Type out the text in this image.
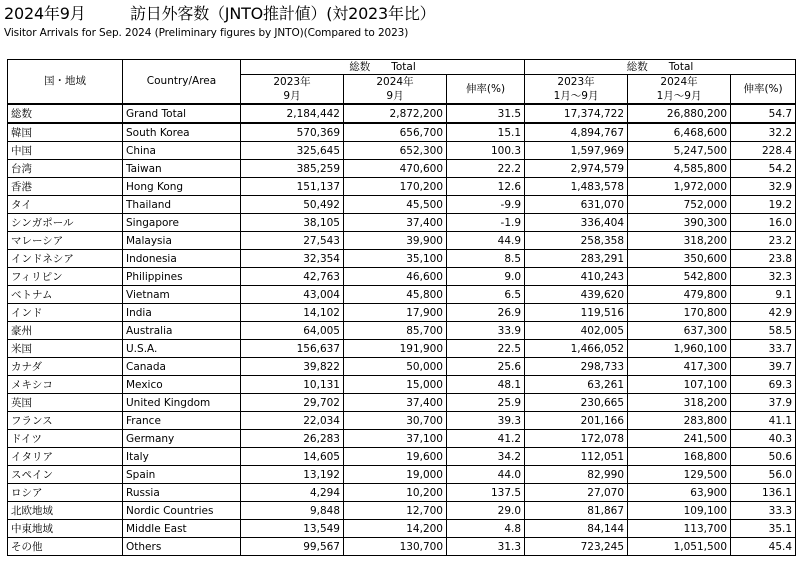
2024年9月	訪日外客数（JNTO推計値）(対2023年比）
Visitor Arrivals for Sep. 2024 (Preliminary figures by JNTO)(Compared to 2023)
国・地域	Country/Area	総数　　Total			総数　　Total		
		2023年	2024年	伸率(%)	2023年	2024年	伸率(%)
		9月	9月		1月～9月	1月～9月	
総数	Grand Total	2,184,442	2,872,200	31.5	17,374,722	26,880,200	54.7
韓国	South Korea	570,369	656,700	15.1	4,894,767	6,468,600	32.2
中国	China	325,645	652,300	100.3	1,597,969	5,247,500	228.4
台湾	Taiwan	385,259	470,600	22.2	2,974,579	4,585,800	54.2
香港	Hong Kong	151,137	170,200	12.6	1,483,578	1,972,000	32.9
タイ	Thailand	50,492	45,500	-9.9	631,070	752,000	19.2
シンガポール	Singapore	38,105	37,400	-1.9	336,404	390,300	16.0
マレーシア	Malaysia	27,543	39,900	44.9	258,358	318,200	23.2
インドネシア	Indonesia	32,354	35,100	8.5	283,291	350,600	23.8
フィリピン	Philippines	42,763	46,600	9.0	410,243	542,800	32.3
ベトナム	Vietnam	43,004	45,800	6.5	439,620	479,800	9.1
インド	India	14,102	17,900	26.9	119,516	170,800	42.9
豪州	Australia	64,005	85,700	33.9	402,005	637,300	58.5
米国	U.S.A.	156,637	191,900	22.5	1,466,052	1,960,100	33.7
カナダ	Canada	39,822	50,000	25.6	298,733	417,300	39.7
メキシコ	Mexico	10,131	15,000	48.1	63,261	107,100	69.3
英国	United Kingdom	29,702	37,400	25.9	230,665	318,200	37.9
フランス	France	22,034	30,700	39.3	201,166	283,800	41.1
ドイツ	Germany	26,283	37,100	41.2	172,078	241,500	40.3
イタリア	Italy	14,605	19,600	34.2	112,051	168,800	50.6
スペイン	Spain	13,192	19,000	44.0	82,990	129,500	56.0
ロシア	Russia	4,294	10,200	137.5	27,070	63,900	136.1
北欧地域	Nordic Countries	9,848	12,700	29.0	81,867	109,100	33.3
中東地域	Middle East	13,549	14,200	4.8	84,144	113,700	35.1
その他	Others	99,567	130,700	31.3	723,245	1,051,500	45.4
